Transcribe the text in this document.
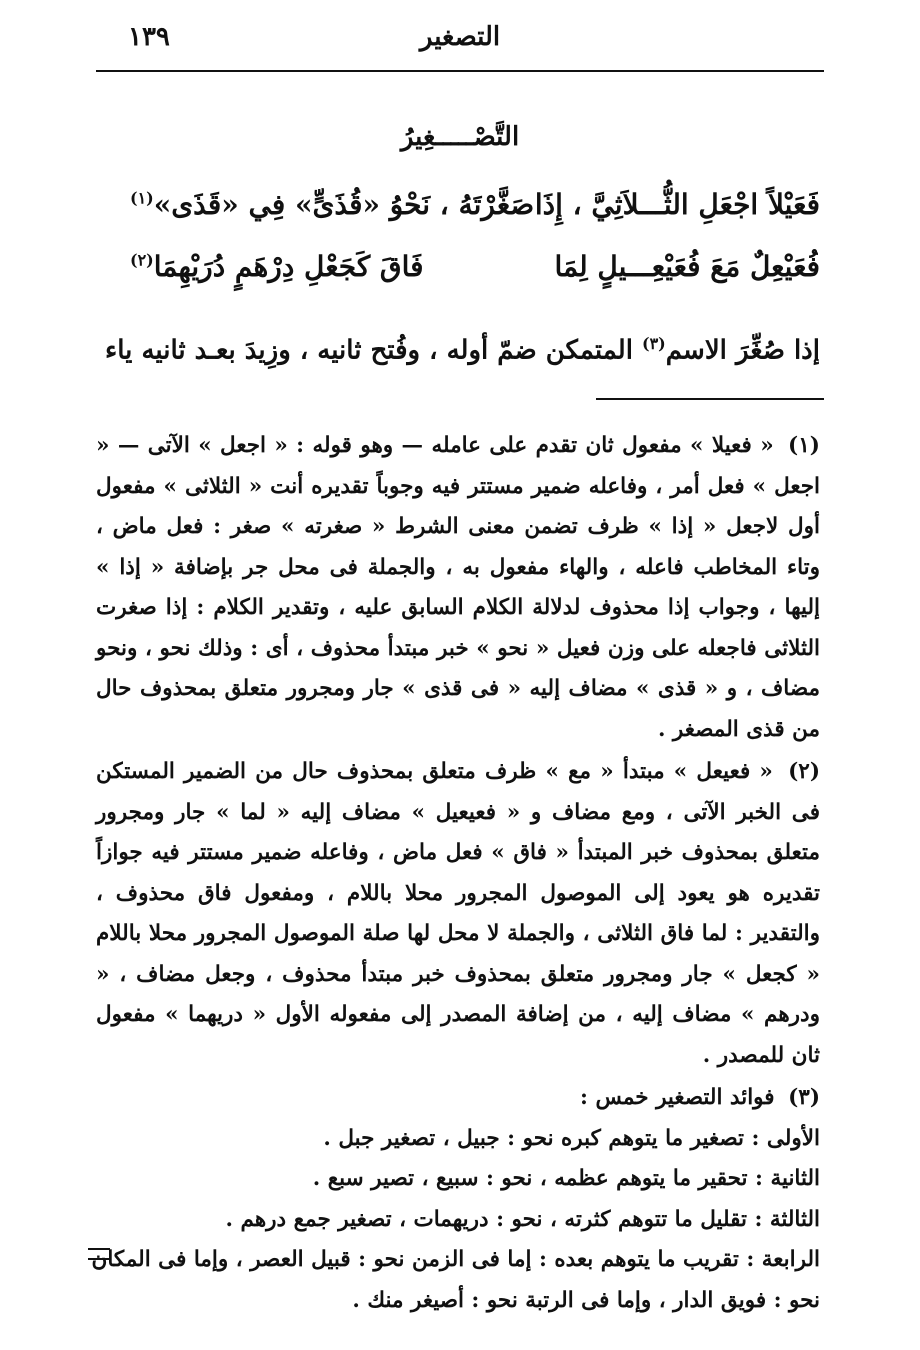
التصغير
١٣٩
التَّصْـــــغِيرُ
فَعَيْلاً اجْعَلِ الثُّـــلاَثِيَّ ، إِذَا
صَغَّرْتَهُ ، نَحْوُ «قُذَىٍّ» فِي «قَذَى»$^{(١)}$
فُعَيْعِلٌ مَعَ فُعَيْعِـــيلٍ لِمَا
فَاقَ كَجَعْلِ دِرْهَمٍ دُرَيْهِمَا$^{(٢)}$
إذا صُغِّرَ الاسم$^{(٣)}$ المتمكن ضمّ أوله ، وفُتح ثانيه ، وزِيدَ بعـد ثانيه ياء

(١) « فعيلا » مفعول ثان تقدم على عامله — وهو قوله : « اجعل » الآتى — « اجعل » فعل أمر ، وفاعله ضمير مستتر فيه وجوباً تقديره أنت « الثلاثى » مفعول أول لاجعل « إذا » ظرف تضمن معنى الشرط « صغرته » صغر : فعل ماض ، وتاء المخاطب فاعله ، والهاء مفعول به ، والجملة فى محل جر بإضافة « إذا » إليها ، وجواب إذا محذوف لدلالة الكلام السابق عليه ، وتقدير الكلام : إذا صغرت الثلاثى فاجعله على وزن فعيل « نحو » خبر مبتدأ محذوف ، أى : وذلك نحو ، ونحو مضاف ، و « قذى » مضاف إليه « فى قذى » جار ومجرور متعلق بمحذوف حال من قذى المصغر .

(٢) « فعيعل » مبتدأ « مع » ظرف متعلق بمحذوف حال من الضمير المستكن فى الخبر الآتى ، ومع مضاف و « فعيعيل » مضاف إليه « لما » جار ومجرور متعلق بمحذوف خبر المبتدأ « فاق » فعل ماض ، وفاعله ضمير مستتر فيه جوازاً تقديره هو يعود إلى الموصول المجرور محلا باللام ، ومفعول فاق محذوف ، والتقدير : لما فاق الثلاثى ، والجملة لا محل لها صلة الموصول المجرور محلا باللام « كجعل » جار ومجرور متعلق بمحذوف خبر مبتدأ محذوف ، وجعل مضاف ، « ودرهم » مضاف إليه ، من إضافة المصدر إلى مفعوله الأول « دريهما » مفعول ثان للمصدر .

(٣) فوائد التصغير خمس :

الأولى : تصغير ما يتوهم كبره نحو : جبيل ، تصغير جبل .

الثانية : تحقير ما يتوهم عظمه ، نحو : سبيع ، تصير سبع .

الثالثة : تقليل ما تتوهم كثرته ، نحو : دريهمات ، تصغير جمع درهم .

الرابعة : تقريب ما يتوهم بعده : إما فى الزمن نحو : قبيل العصر ، وإما فى المكان

نحو : فويق الدار ، وإما فى الرتبة نحو : أصيغر منك .
